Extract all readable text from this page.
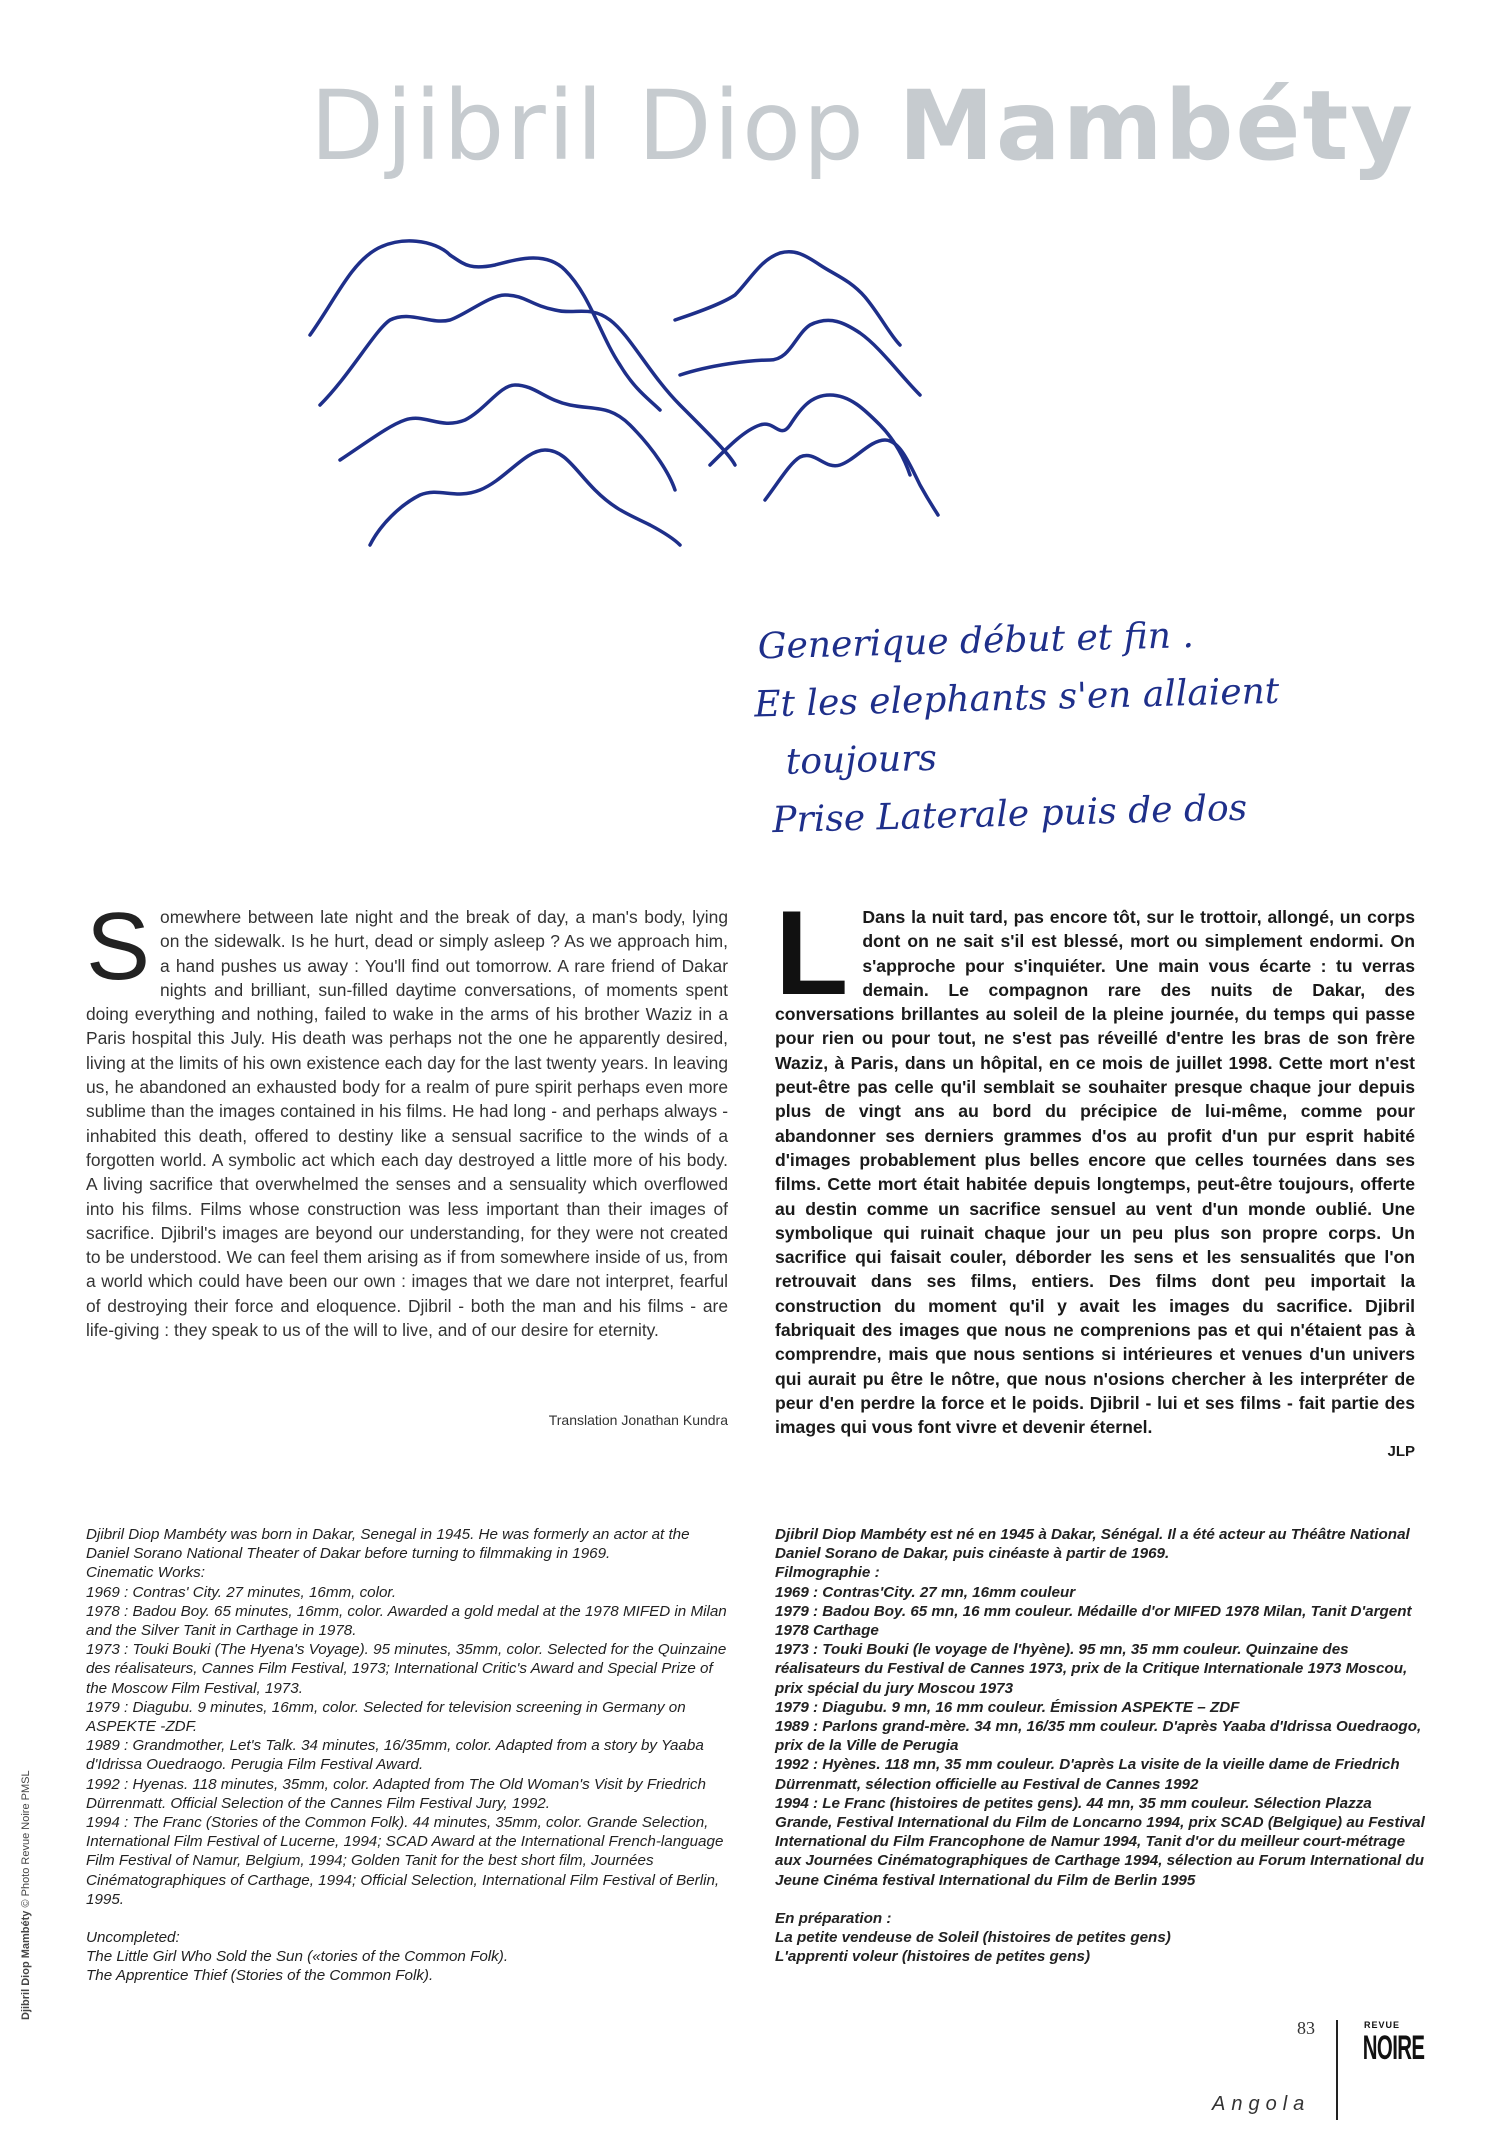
Djibril Diop Mambéty
Generique début et fin .
Et les elephants s'en allaient
toujours
Prise Laterale puis de dos
S omewhere between late night and the break of day, a man's body, lying on the sidewalk. Is he hurt, dead or simply asleep ? As we approach him, a hand pushes us away : You'll find out tomorrow. A rare friend of Dakar nights and brilliant, sun-filled daytime conversations, of moments spent doing everything and nothing, failed to wake in the arms of his brother Waziz in a Paris hospital this July. His death was perhaps not the one he apparently desired, living at the limits of his own existence each day for the last twenty years. In leaving us, he abandoned an exhausted body for a realm of pure spirit perhaps even more sublime than the images contained in his films. He had long - and perhaps always - inhabited this death, offered to destiny like a sensual sacrifice to the winds of a forgotten world. A symbolic act which each day destroyed a little more of his body. A living sacrifice that overwhelmed the senses and a sensuality which overflowed into his films. Films whose construction was less important than their images of sacrifice. Djibril's images are beyond our understanding, for they were not created to be understood. We can feel them arising as if from somewhere inside of us, from a world which could have been our own : images that we dare not interpret, fearful of destroying their force and eloquence. Djibril - both the man and his films - are life-giving : they speak to us of the will to live, and of our desire for eternity.

Translation Jonathan Kundra
L Dans la nuit tard, pas encore tôt, sur le trottoir, allongé, un corps dont on ne sait s'il est blessé, mort ou simplement endormi. On s'approche pour s'inquiéter. Une main vous écarte : tu verras demain. Le compagnon rare des nuits de Dakar, des conversations brillantes au soleil de la pleine journée, du temps qui passe pour rien ou pour tout, ne s'est pas réveillé d'entre les bras de son frère Waziz, à Paris, dans un hôpital, en ce mois de juillet 1998. Cette mort n'est peut-être pas celle qu'il semblait se souhaiter presque chaque jour depuis plus de vingt ans au bord du précipice de lui-même, comme pour abandonner ses derniers grammes d'os au profit d'un pur esprit habité d'images probablement plus belles encore que celles tournées dans ses films. Cette mort était habitée depuis longtemps, peut-être toujours, offerte au destin comme un sacrifice sensuel au vent d'un monde oublié. Une symbolique qui ruinait chaque jour un peu plus son propre corps. Un sacrifice qui faisait couler, déborder les sens et les sensualités que l'on retrouvait dans ses films, entiers. Des films dont peu importait la construction du moment qu'il y avait les images du sacrifice. Djibril fabriquait des images que nous ne comprenions pas et qui n'étaient pas à comprendre, mais que nous sentions si intérieures et venues d'un univers qui aurait pu être le nôtre, que nous n'osions chercher à les interpréter de peur d'en perdre la force et le poids. Djibril - lui et ses films - fait partie des images qui vous font vivre et devenir éternel.

JLP
Djibril Diop Mambéty was born in Dakar, Senegal in 1945. He was formerly an actor at the Daniel Sorano National Theater of Dakar before turning to filmmaking in 1969.
Cinematic Works:
1969 : Contras' City. 27 minutes, 16mm, color.
1978 : Badou Boy. 65 minutes, 16mm, color. Awarded a gold medal at the 1978 MIFED in Milan and the Silver Tanit in Carthage in 1978.
1973 : Touki Bouki (The Hyena's Voyage). 95 minutes, 35mm, color. Selected for the Quinzaine des réalisateurs, Cannes Film Festival, 1973; International Critic's Award and Special Prize of the Moscow Film Festival, 1973.
1979 : Diagubu. 9 minutes, 16mm, color. Selected for television screening in Germany on ASPEKTE -ZDF.
1989 : Grandmother, Let's Talk. 34 minutes, 16/35mm, color. Adapted from a story by Yaaba d'Idrissa Ouedraogo. Perugia Film Festival Award.
1992 : Hyenas. 118 minutes, 35mm, color. Adapted from The Old Woman's Visit by Friedrich Dürrenmatt. Official Selection of the Cannes Film Festival Jury, 1992.
1994 : The Franc (Stories of the Common Folk). 44 minutes, 35mm, color. Grande Selection, International Film Festival of Lucerne, 1994; SCAD Award at the International French-language Film Festival of Namur, Belgium, 1994; Golden Tanit for the best short film, Journées Cinématographiques of Carthage, 1994; Official Selection, International Film Festival of Berlin, 1995.
Uncompleted:
The Little Girl Who Sold the Sun («tories of the Common Folk).
The Apprentice Thief (Stories of the Common Folk).
Djibril Diop Mambéty est né en 1945 à Dakar, Sénégal. Il a été acteur au Théâtre National Daniel Sorano de Dakar, puis cinéaste à partir de 1969.
Filmographie :
1969 : Contras'City. 27 mn, 16mm couleur
1979 : Badou Boy. 65 mn, 16 mm couleur. Médaille d'or MIFED 1978 Milan, Tanit D'argent 1978 Carthage
1973 : Touki Bouki (le voyage de l'hyène). 95 mn, 35 mm couleur. Quinzaine des réalisateurs du Festival de Cannes 1973, prix de la Critique Internationale 1973 Moscou, prix spécial du jury Moscou 1973
1979 : Diagubu. 9 mn, 16 mm couleur. Émission ASPEKTE – ZDF
1989 : Parlons grand-mère. 34 mn, 16/35 mm couleur. D'après Yaaba d'Idrissa Ouedraogo, prix de la Ville de Perugia
1992 : Hyènes. 118 mn, 35 mm couleur. D'après La visite de la vieille dame de Friedrich Dürrenmatt, sélection officielle au Festival de Cannes 1992
1994 : Le Franc (histoires de petites gens). 44 mn, 35 mm couleur. Sélection Plazza Grande, Festival International du Film de Loncarno 1994, prix SCAD (Belgique) au Festival International du Film Francophone de Namur 1994, Tanit d'or du meilleur court-métrage aux Journées Cinématographiques de Carthage 1994, sélection au Forum International du Jeune Cinéma festival International du Film de Berlin 1995
En préparation :
La petite vendeuse de Soleil (histoires de petites gens)
L'apprenti voleur (histoires de petites gens)
Djibril Diop Mambéty © Photo Revue Noire PMSL
83
Angola
REVUE
NOIRE
